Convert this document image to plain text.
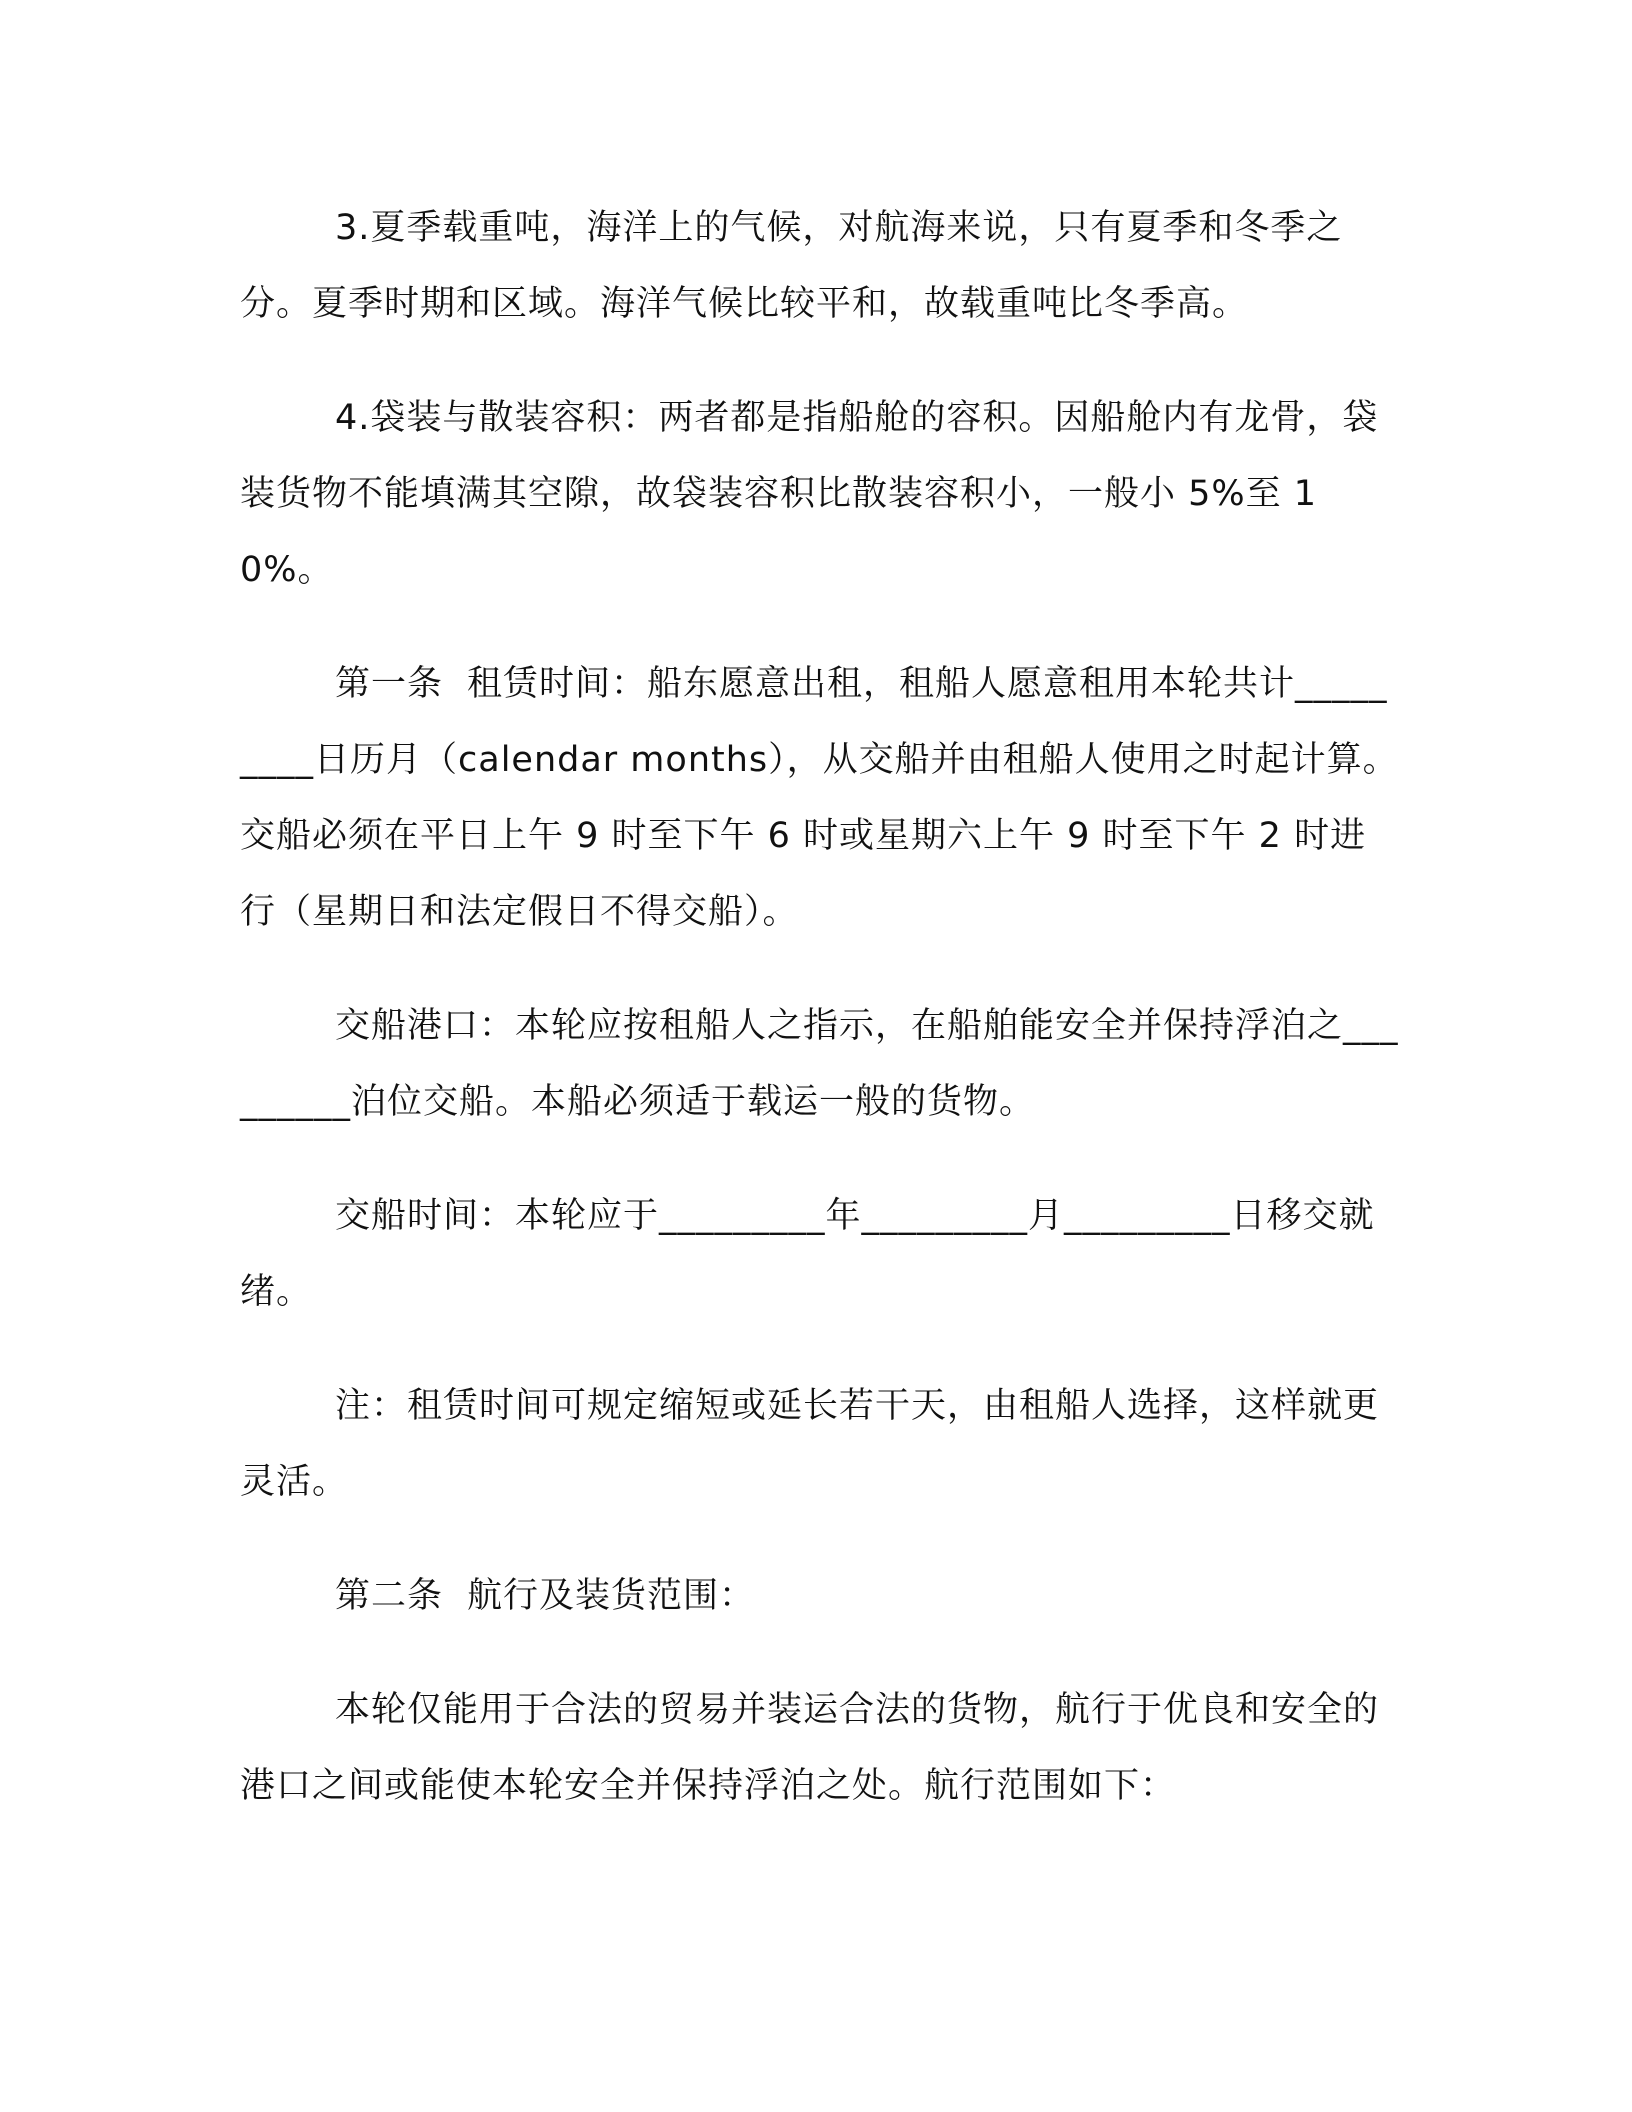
3.夏季载重吨，海洋上的气候，对航海来说，只有夏季和冬季之分。夏季时期和区域。海洋气候比较平和，故载重吨比冬季高。

4.袋装与散装容积：两者都是指船舱的容积。因船舱内有龙骨，袋装货物不能填满其空隙，故袋装容积比散装容积小，一般小 5%至 10%。

第一条 租赁时间：船东愿意出租，租船人愿意租用本轮共计_________日历月（calendar months），从交船并由租船人使用之时起计算。交船必须在平日上午 9 时至下午 6 时或星期六上午 9 时至下午 2 时进行（星期日和法定假日不得交船）。

交船港口：本轮应按租船人之指示，在船舶能安全并保持浮泊之_________泊位交船。本船必须适于载运一般的货物。

交船时间：本轮应于_________年_________月_________日移交就绪。

注：租赁时间可规定缩短或延长若干天，由租船人选择，这样就更灵活。

第二条 航行及装货范围：

本轮仅能用于合法的贸易并装运合法的货物，航行于优良和安全的港口之间或能使本轮安全并保持浮泊之处。航行范围如下：
